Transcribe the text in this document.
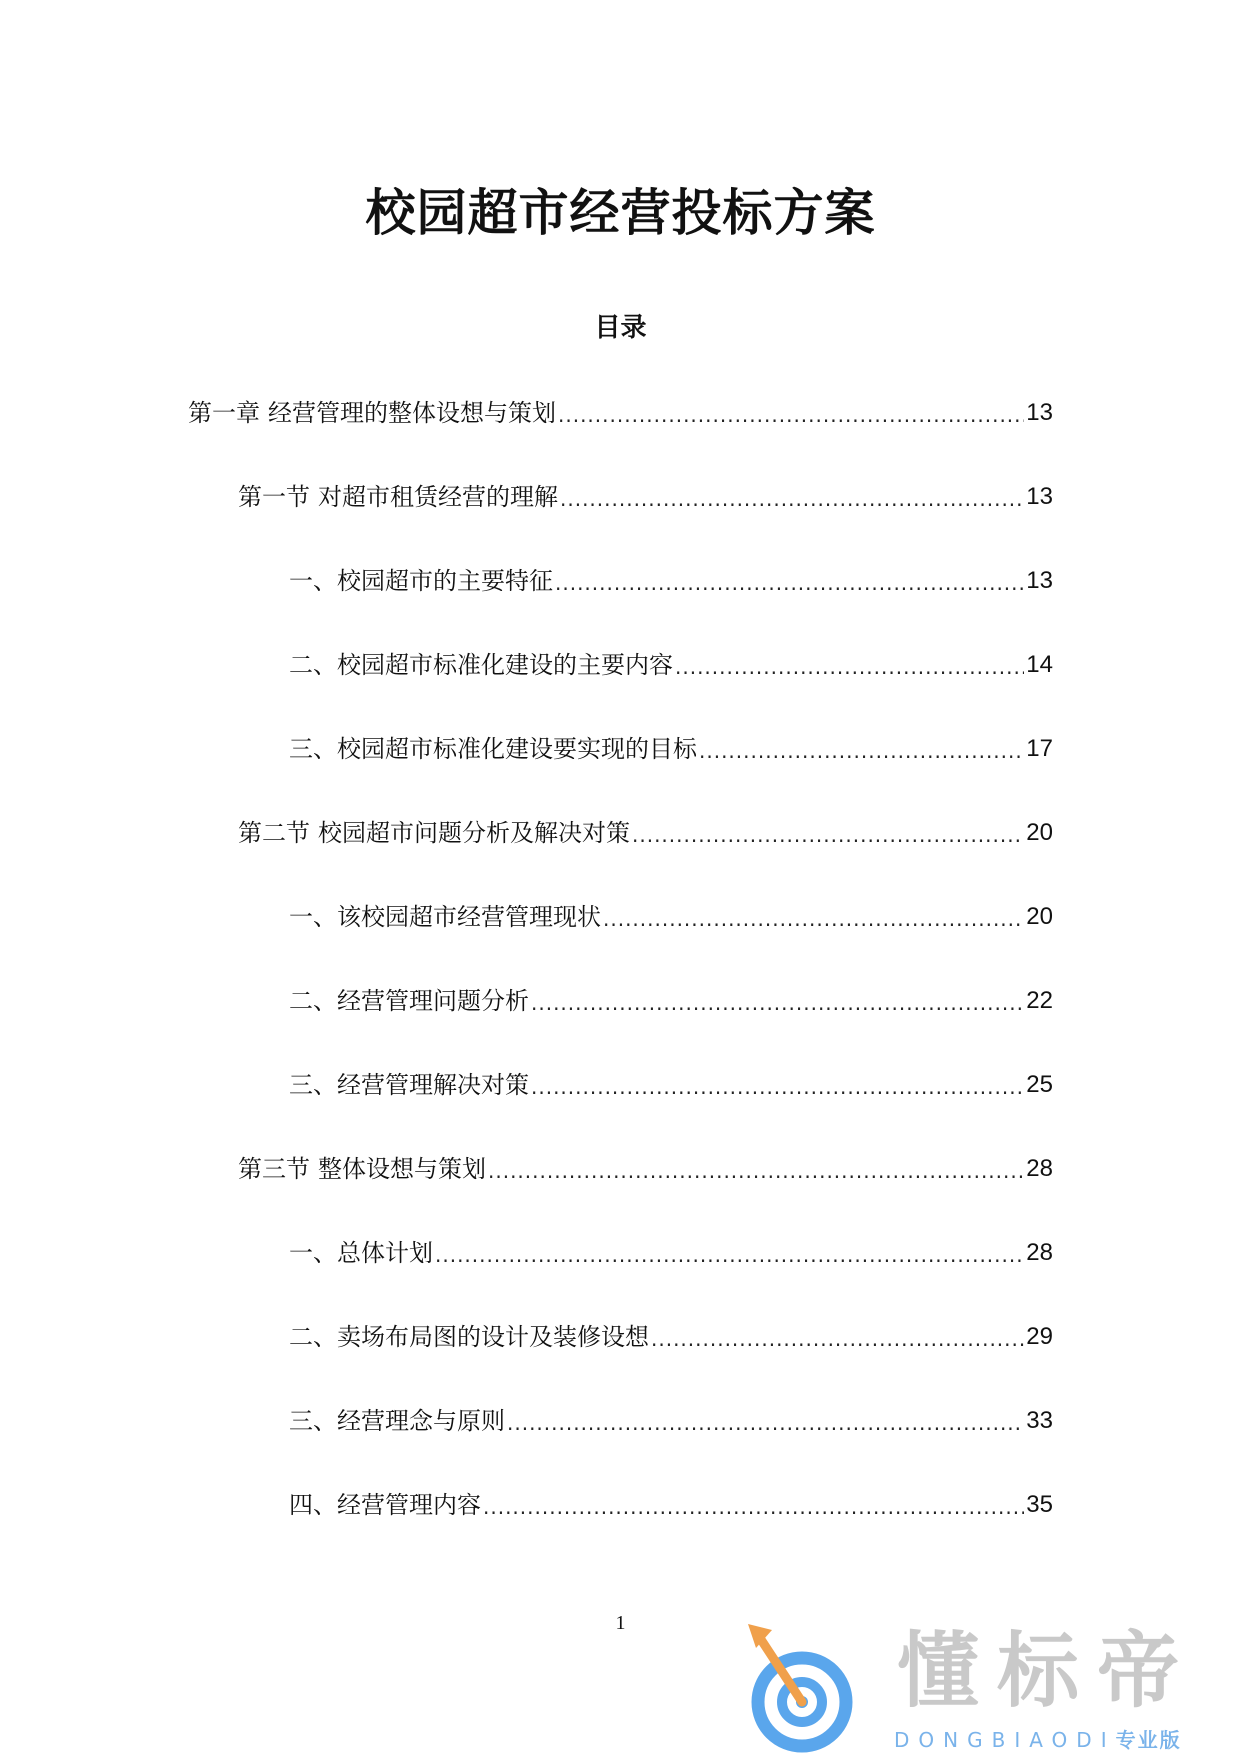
校园超市经营投标方案
目录
第一章 经营管理的整体设想与策划 .....	13
第一节 对超市租赁经营的理解 .....	13
一、校园超市的主要特征 .....	13
二、校园超市标准化建设的主要内容 .....	14
三、校园超市标准化建设要实现的目标 .....	17
第二节 校园超市问题分析及解决对策 .....	20
一、该校园超市经营管理现状 .....	20
二、经营管理问题分析 .....	22
三、经营管理解决对策 .....	25
第三节 整体设想与策划 .....	28
一、总体计划 .....	28
二、卖场布局图的设计及装修设想 .....	29
三、经营理念与原则 .....	33
四、经营管理内容 .....	35
1
懂标帝
DONGBIAODI专业版
